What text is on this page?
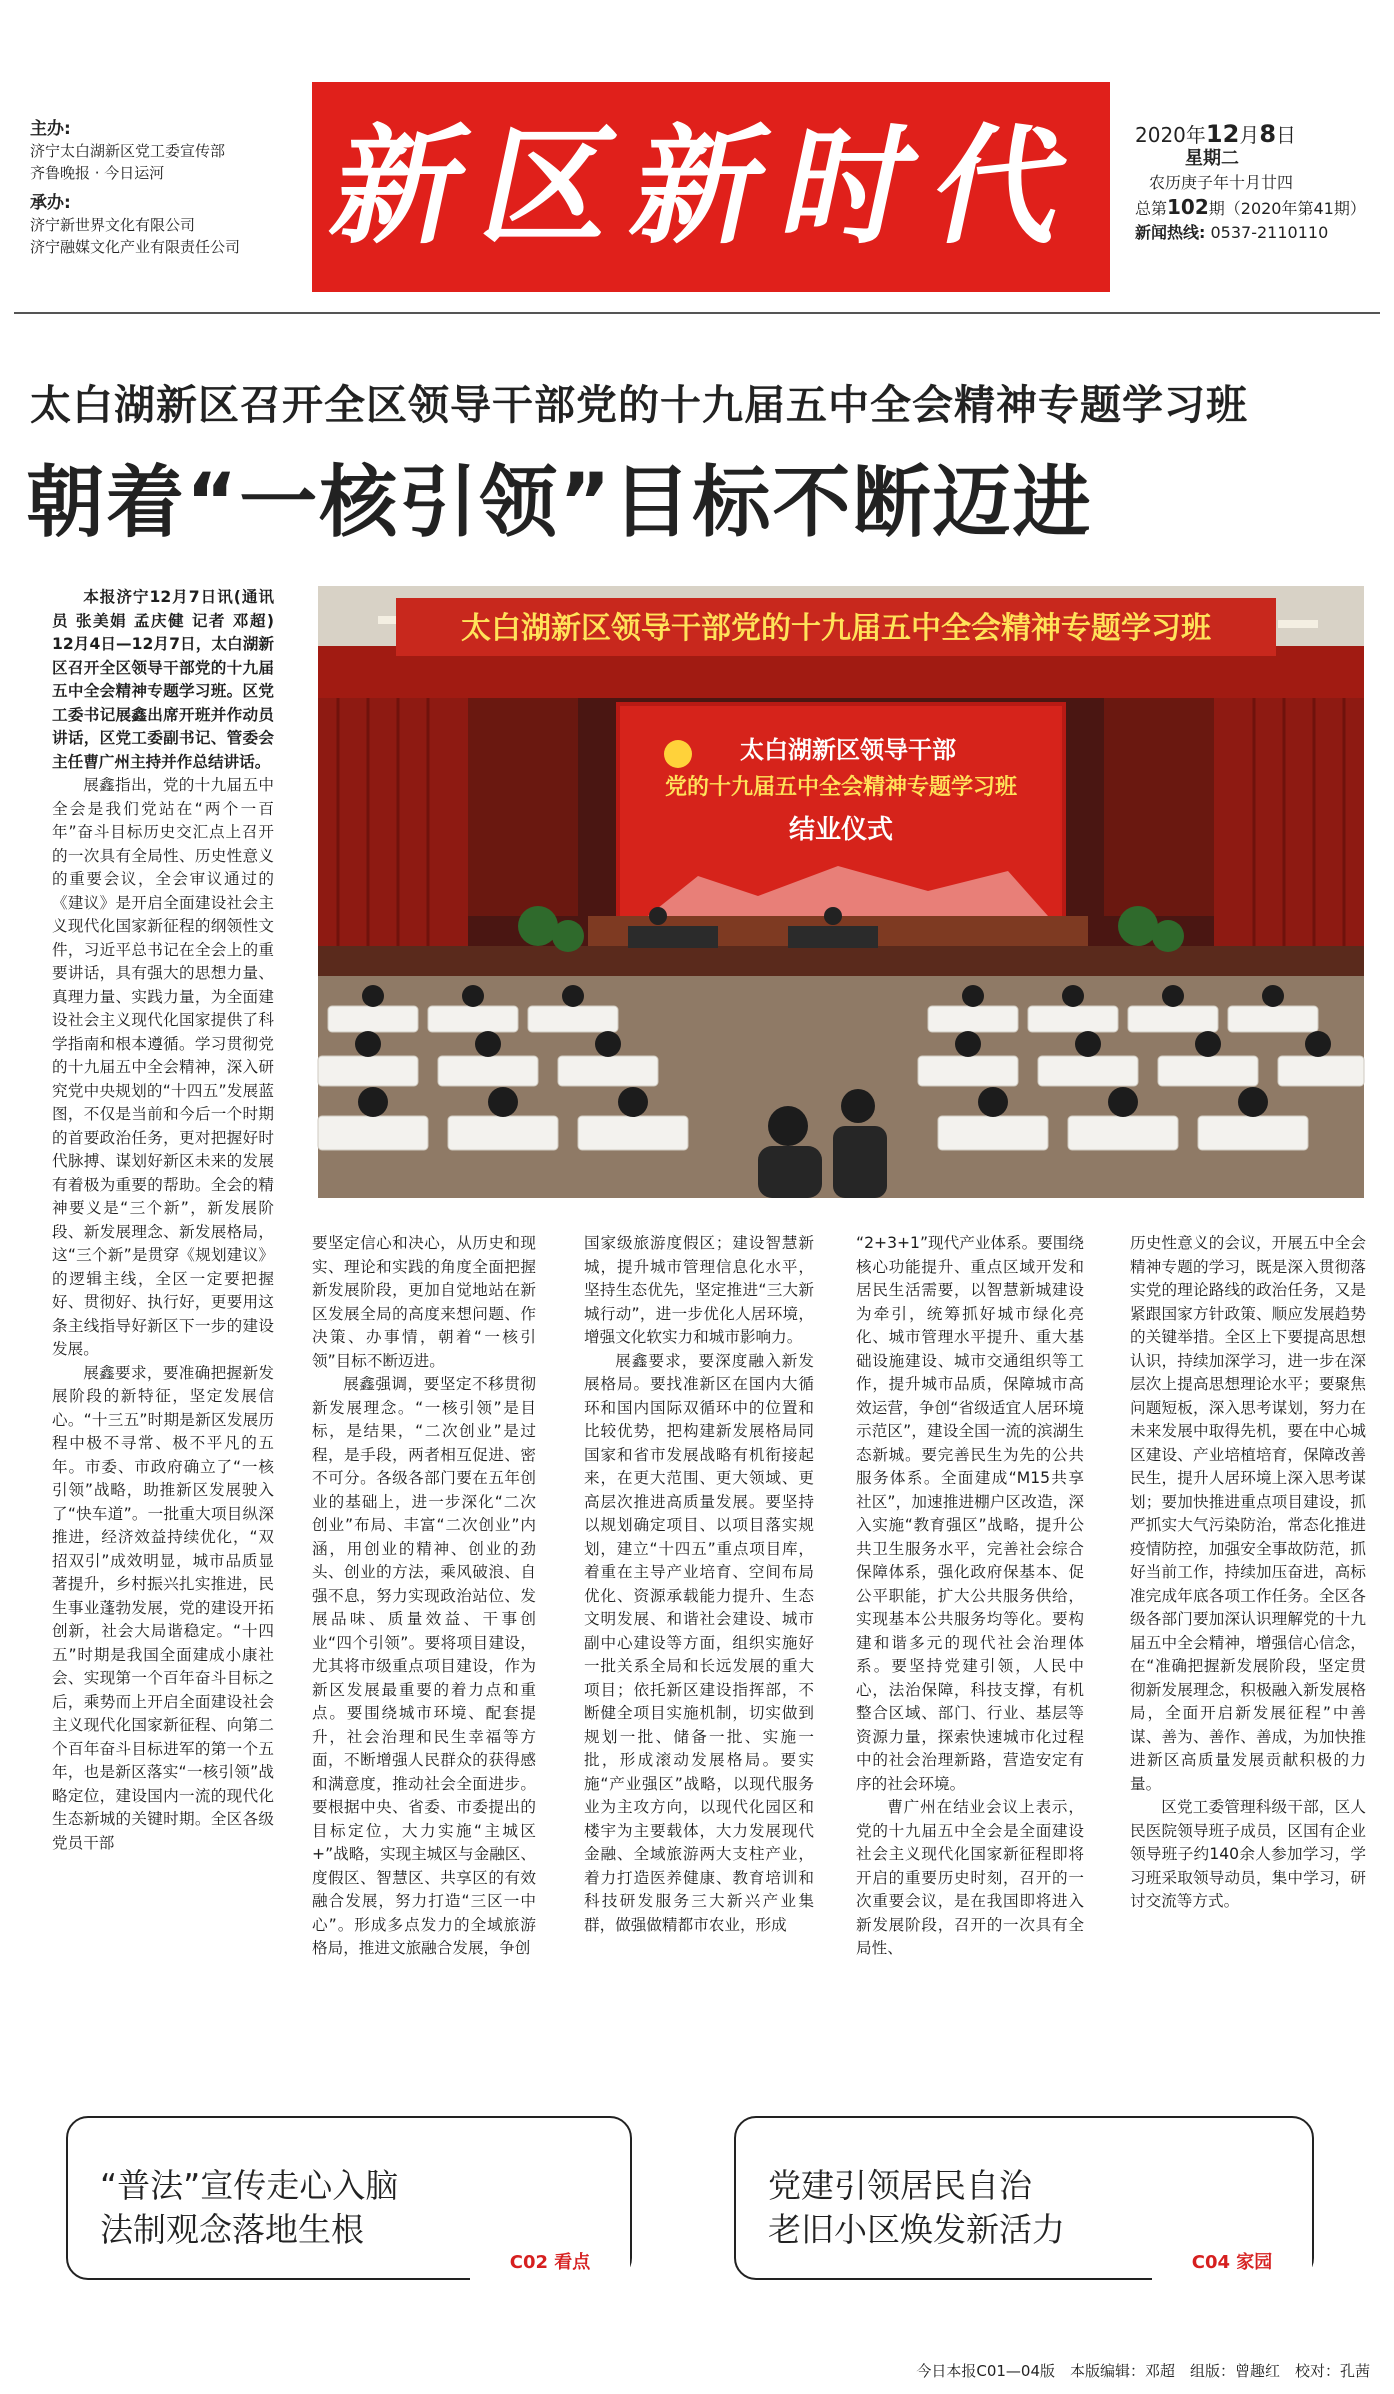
主办:
济宁太白湖新区党工委宣传部
齐鲁晚报 · 今日运河
承办:
济宁新世界文化有限公司
济宁融媒文化产业有限责任公司 新区新时代	2020年12月8日
星期二
农历庚子年十月廿四
总第102期（2020年第41期）
新闻热线: 0537-2110110
太白湖新区召开全区领导干部党的十九届五中全会精神专题学习班
朝着“一核引领”目标不断迈进
太白湖新区领导干部党的十九届五中全会精神专题学习班
太白湖新区领导干部
党的十九届五中全会精神专题学习班
结业仪式

本报济宁12月7日讯(通讯员 张美娟 孟庆健 记者 邓超) 12月4日—12月7日，太白湖新区召开全区领导干部党的十九届五中全会精神专题学习班。区党工委书记展鑫出席开班并作动员讲话，区党工委副书记、管委会主任曹广州主持并作总结讲话。

展鑫指出，党的十九届五中全会是我们党站在“两个一百年”奋斗目标历史交汇点上召开的一次具有全局性、历史性意义的重要会议，全会审议通过的《建议》是开启全面建设社会主义现代化国家新征程的纲领性文件，习近平总书记在全会上的重要讲话，具有强大的思想力量、真理力量、实践力量，为全面建设社会主义现代化国家提供了科学指南和根本遵循。学习贯彻党的十九届五中全会精神，深入研究党中央规划的“十四五”发展蓝图，不仅是当前和今后一个时期的首要政治任务，更对把握好时代脉搏、谋划好新区未来的发展有着极为重要的帮助。全会的精神要义是“三个新”，新发展阶段、新发展理念、新发展格局，这“三个新”是贯穿《规划建议》的逻辑主线，全区一定要把握好、贯彻好、执行好，更要用这条主线指导好新区下一步的建设发展。

展鑫要求，要准确把握新发展阶段的新特征，坚定发展信心。“十三五”时期是新区发展历程中极不寻常、极不平凡的五年。市委、市政府确立了“一核引领”战略，助推新区发展驶入了“快车道”。一批重大项目纵深推进，经济效益持续优化，“双招双引”成效明显，城市品质显著提升，乡村振兴扎实推进，民生事业蓬勃发展，党的建设开拓创新，社会大局谐稳定。“十四五”时期是我国全面建成小康社会、实现第一个百年奋斗目标之后，乘势而上开启全面建设社会主义现代化国家新征程、向第二个百年奋斗目标进军的第一个五年，也是新区落实“一核引领”战略定位，建设国内一流的现代化生态新城的关键时期。全区各级党员干部

要坚定信心和决心，从历史和现实、理论和实践的角度全面把握新发展阶段，更加自觉地站在新区发展全局的高度来想问题、作决策、办事情，朝着“一核引领”目标不断迈进。

展鑫强调，要坚定不移贯彻新发展理念。“一核引领”是目标，是结果，“二次创业”是过程，是手段，两者相互促进、密不可分。各级各部门要在五年创业的基础上，进一步深化“二次创业”布局、丰富“二次创业”内涵，用创业的精神、创业的劲头、创业的方法，乘风破浪、自强不息，努力实现政治站位、发展品味、质量效益、干事创业“四个引领”。要将项目建设，尤其将市级重点项目建设，作为新区发展最重要的着力点和重点。要围绕城市环境、配套提升，社会治理和民生幸福等方面，不断增强人民群众的获得感和满意度，推动社会全面进步。要根据中央、省委、市委提出的目标定位，大力实施“主城区+”战略，实现主城区与金融区、度假区、智慧区、共享区的有效融合发展，努力打造“三区一中心”。形成多点发力的全域旅游格局，推进文旅融合发展，争创

国家级旅游度假区；建设智慧新城，提升城市管理信息化水平，坚持生态优先，坚定推进“三大新城行动”，进一步优化人居环境，增强文化软实力和城市影响力。

展鑫要求，要深度融入新发展格局。要找准新区在国内大循环和国内国际双循环中的位置和比较优势，把构建新发展格局同国家和省市发展战略有机衔接起来，在更大范围、更大领域、更高层次推进高质量发展。要坚持以规划确定项目、以项目落实规划，建立“十四五”重点项目库，着重在主导产业培育、空间布局优化、资源承载能力提升、生态文明发展、和谐社会建设、城市副中心建设等方面，组织实施好一批关系全局和长远发展的重大项目；依托新区建设指挥部，不断健全项目实施机制，切实做到规划一批、储备一批、实施一批，形成滚动发展格局。要实施“产业强区”战略，以现代服务业为主攻方向，以现代化园区和楼宇为主要载体，大力发展现代金融、全域旅游两大支柱产业，着力打造医养健康、教育培训和科技研发服务三大新兴产业集群，做强做精都市农业，形成

“2+3+1”现代产业体系。要围绕核心功能提升、重点区域开发和居民生活需要，以智慧新城建设为牵引，统筹抓好城市绿化亮化、城市管理水平提升、重大基础设施建设、城市交通组织等工作，提升城市品质，保障城市高效运营，争创“省级适宜人居环境示范区”，建设全国一流的滨湖生态新城。要完善民生为先的公共服务体系。全面建成“M15共享社区”，加速推进棚户区改造，深入实施“教育强区”战略，提升公共卫生服务水平，完善社会综合保障体系，强化政府保基本、促公平职能，扩大公共服务供给，实现基本公共服务均等化。要构建和谐多元的现代社会治理体系。要坚持党建引领，人民中心，法治保障，科技支撑，有机整合区域、部门、行业、基层等资源力量，探索快速城市化过程中的社会治理新路，营造安定有序的社会环境。

曹广州在结业会议上表示，党的十九届五中全会是全面建设社会主义现代化国家新征程即将开启的重要历史时刻，召开的一次重要会议，是在我国即将进入新发展阶段，召开的一次具有全局性、

历史性意义的会议，开展五中全会精神专题的学习，既是深入贯彻落实党的理论路线的政治任务，又是紧跟国家方针政策、顺应发展趋势的关键举措。全区上下要提高思想认识，持续加深学习，进一步在深层次上提高思想理论水平；要聚焦问题短板，深入思考谋划，努力在未来发展中取得先机，要在中心城区建设、产业培植培育，保障改善民生，提升人居环境上深入思考谋划；要加快推进重点项目建设，抓严抓实大气污染防治，常态化推进疫情防控，加强安全事故防范，抓好当前工作，持续加压奋进，高标准完成年底各项工作任务。全区各级各部门要加深认识理解党的十九届五中全会精神，增强信心信念，在“准确把握新发展阶段，坚定贯彻新发展理念，积极融入新发展格局，全面开启新发展征程”中善谋、善为、善作、善成，为加快推进新区高质量发展贡献积极的力量。

区党工委管理科级干部，区人民医院领导班子成员，区国有企业领导班子约140余人参加学习，学习班采取领导动员，集中学习，研讨交流等方式。

“普法”宣传走心入脑
法制观念落地生根
C02 看点
党建引领居民自治
老旧小区焕发新活力
C04 家园
今日本报C01—04版　本版编辑：邓超　组版：曾趣红　校对：孔茜
